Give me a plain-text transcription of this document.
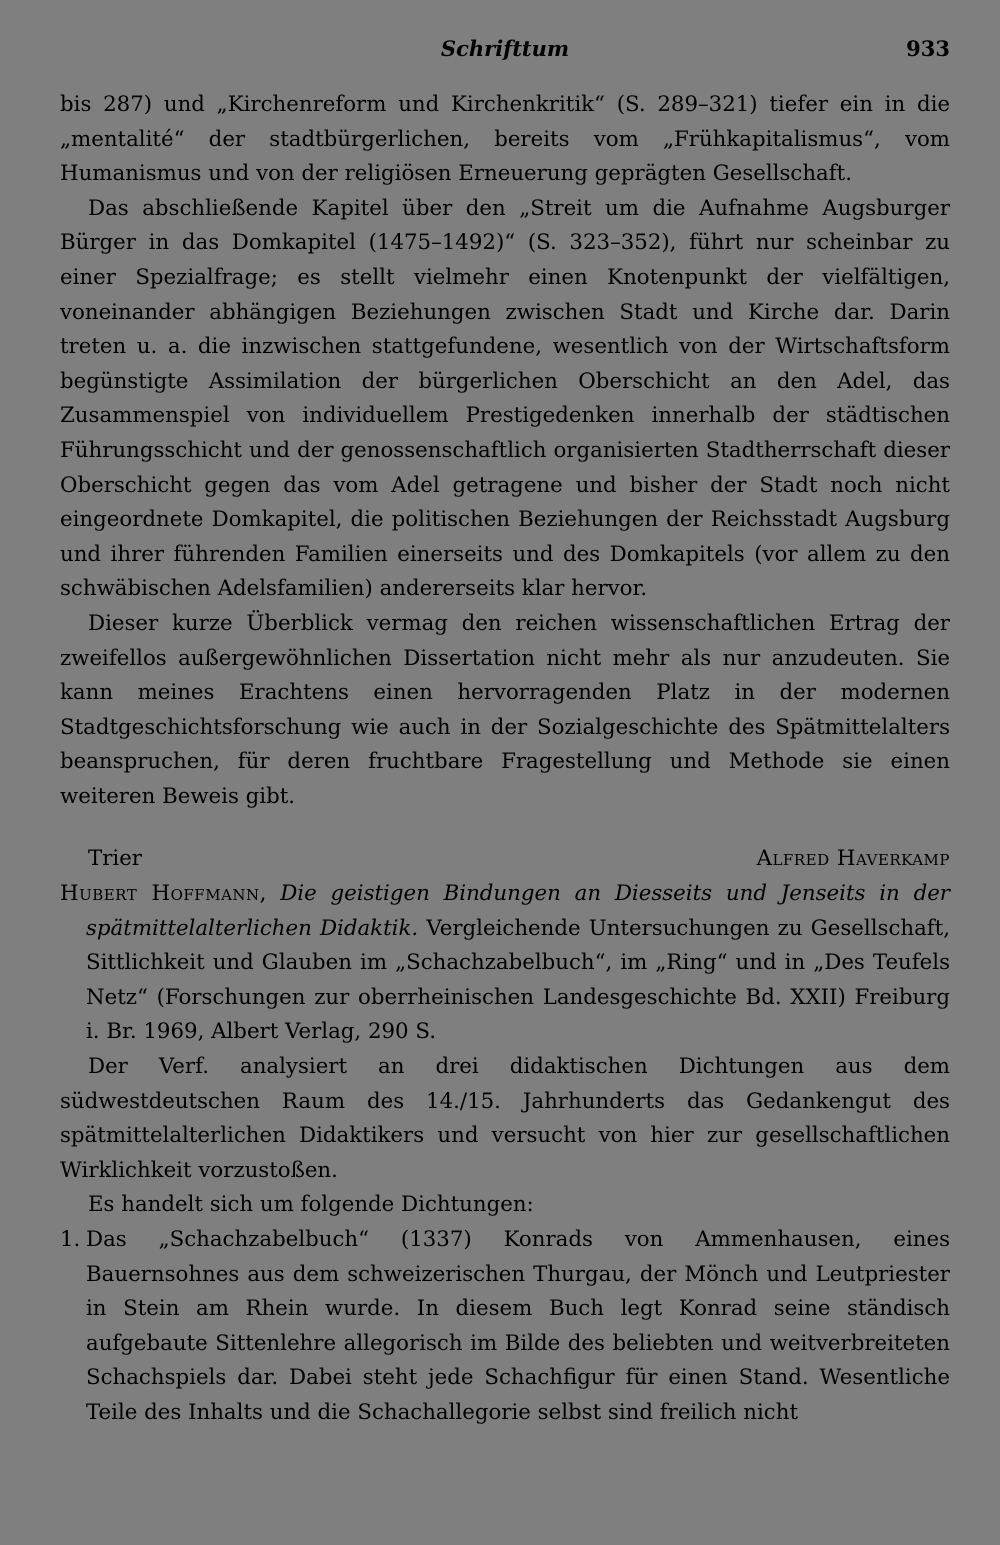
Schrifttum	933

bis 287) und „Kirchenreform und Kirchenkritik“ (S. 289–321) tiefer ein in die „mentalité“ der stadtbürgerlichen, bereits vom „Frühkapitalismus“, vom Humanismus und von der religiösen Erneuerung geprägten Gesellschaft.

Das abschließende Kapitel über den „Streit um die Aufnahme Augsburger Bürger in das Domkapitel (1475–1492)“ (S. 323–352), führt nur scheinbar zu einer Spezialfrage; es stellt vielmehr einen Knotenpunkt der vielfältigen, voneinander abhängigen Beziehungen zwischen Stadt und Kirche dar. Darin treten u. a. die inzwischen stattgefundene, wesentlich von der Wirtschaftsform begünstigte Assimilation der bürgerlichen Oberschicht an den Adel, das Zusammenspiel von individuellem Prestigedenken innerhalb der städtischen Führungsschicht und der genossenschaftlich organisierten Stadtherrschaft dieser Oberschicht gegen das vom Adel getragene und bisher der Stadt noch nicht eingeordnete Domkapitel, die politischen Beziehungen der Reichsstadt Augsburg und ihrer führenden Familien einerseits und des Domkapitels (vor allem zu den schwäbischen Adelsfamilien) andererseits klar hervor.

Dieser kurze Überblick vermag den reichen wissenschaftlichen Ertrag der zweifellos außergewöhnlichen Dissertation nicht mehr als nur anzudeuten. Sie kann meines Erachtens einen hervorragenden Platz in der modernen Stadtgeschichtsforschung wie auch in der Sozialgeschichte des Spätmittelalters beanspruchen, für deren fruchtbare Fragestellung und Methode sie einen weiteren Beweis gibt.

Trier	Alfred Haverkamp

Hubert Hoffmann, Die geistigen Bindungen an Diesseits und Jenseits in der spätmittelalterlichen Didaktik. Vergleichende Untersuchungen zu Gesellschaft, Sittlichkeit und Glauben im „Schachzabelbuch“, im „Ring“ und in „Des Teufels Netz“ (Forschungen zur oberrheinischen Landesgeschichte Bd. XXII) Freiburg i. Br. 1969, Albert Verlag, 290 S.

Der Verf. analysiert an drei didaktischen Dichtungen aus dem südwestdeutschen Raum des 14./15. Jahrhunderts das Gedankengut des spätmittelalterlichen Didaktikers und versucht von hier zur gesellschaftlichen Wirklichkeit vorzustoßen.

Es handelt sich um folgende Dichtungen:

1. Das „Schachzabelbuch“ (1337) Konrads von Ammenhausen, eines Bauernsohnes aus dem schweizerischen Thurgau, der Mönch und Leutpriester in Stein am Rhein wurde. In diesem Buch legt Konrad seine ständisch aufgebaute Sittenlehre allegorisch im Bilde des beliebten und weitverbreiteten Schachspiels dar. Dabei steht jede Schachfigur für einen Stand. Wesentliche Teile des Inhalts und die Schachallegorie selbst sind freilich nicht
